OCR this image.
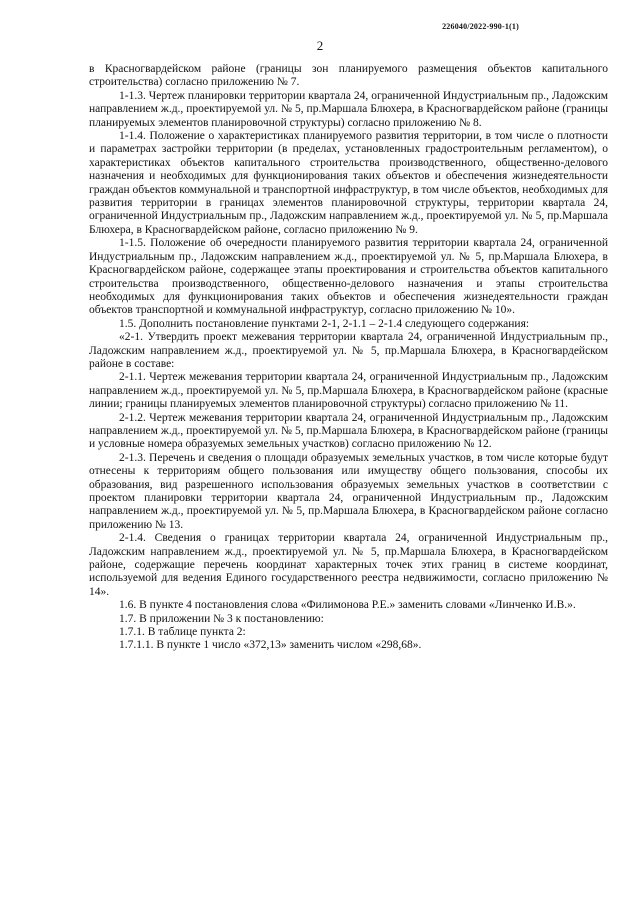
226040/2022-990-1(1)
2

в Красногвардейском районе (границы зон планируемого размещения объектов капитального строительства) согласно приложению № 7.

1-1.3. Чертеж планировки территории квартала 24, ограниченной Индустриальным пр., Ладожским направлением ж.д., проектируемой ул. № 5, пр.Маршала Блюхера, в Красногвардейском районе (границы планируемых элементов планировочной структуры) согласно приложению № 8.

1-1.4. Положение о характеристиках планируемого развития территории, в том числе о плотности и параметрах застройки территории (в пределах, установленных градостроительным регламентом), о характеристиках объектов капитального строительства производственного, общественно-делового назначения и необходимых для функционирования таких объектов и обеспечения жизнедеятельности граждан объектов коммунальной и транспортной инфраструктур, в том числе объектов, необходимых для развития территории в границах элементов планировочной структуры, территории квартала 24, ограниченной Индустриальным пр., Ладожским направлением ж.д., проектируемой ул. № 5, пр.Маршала Блюхера, в Красногвардейском районе, согласно приложению № 9.

1-1.5. Положение об очередности планируемого развития территории квартала 24, ограниченной Индустриальным пр., Ладожским направлением ж.д., проектируемой ул. № 5, пр.Маршала Блюхера, в Красногвардейском районе, содержащее этапы проектирования и строительства объектов капитального строительства производственного, общественно-делового назначения и этапы строительства необходимых для функционирования таких объектов и обеспечения жизнедеятельности граждан объектов транспортной и коммунальной инфраструктур, согласно приложению № 10».

1.5. Дополнить постановление пунктами 2-1, 2-1.1 – 2-1.4 следующего содержания:

«2-1. Утвердить проект межевания территории квартала 24, ограниченной Индустриальным пр., Ладожским направлением ж.д., проектируемой ул. № 5, пр.Маршала Блюхера, в Красногвардейском районе в составе:

2-1.1. Чертеж межевания территории квартала 24, ограниченной Индустриальным пр., Ладожским направлением ж.д., проектируемой ул. № 5, пр.Маршала Блюхера, в Красногвардейском районе (красные линии; границы планируемых элементов планировочной структуры) согласно приложению № 11.

2-1.2. Чертеж межевания территории квартала 24, ограниченной Индустриальным пр., Ладожским направлением ж.д., проектируемой ул. № 5, пр.Маршала Блюхера, в Красногвардейском районе (границы и условные номера образуемых земельных участков) согласно приложению № 12.

2-1.3. Перечень и сведения о площади образуемых земельных участков, в том числе которые будут отнесены к территориям общего пользования или имуществу общего пользования, способы их образования, вид разрешенного использования образуемых земельных участков в соответствии с проектом планировки территории квартала 24, ограниченной Индустриальным пр., Ладожским направлением ж.д., проектируемой ул. № 5, пр.Маршала Блюхера, в Красногвардейском районе согласно приложению № 13.

2-1.4. Сведения о границах территории квартала 24, ограниченной Индустриальным пр., Ладожским направлением ж.д., проектируемой ул. № 5, пр.Маршала Блюхера, в Красногвардейском районе, содержащие перечень координат характерных точек этих границ в системе координат, используемой для ведения Единого государственного реестра недвижимости, согласно приложению № 14».

1.6. В пункте 4 постановления слова «Филимонова Р.Е.» заменить словами «Линченко И.В.».

1.7. В приложении № 3 к постановлению:

1.7.1. В таблице пункта 2:

1.7.1.1. В пункте 1 число «372,13» заменить числом «298,68».
